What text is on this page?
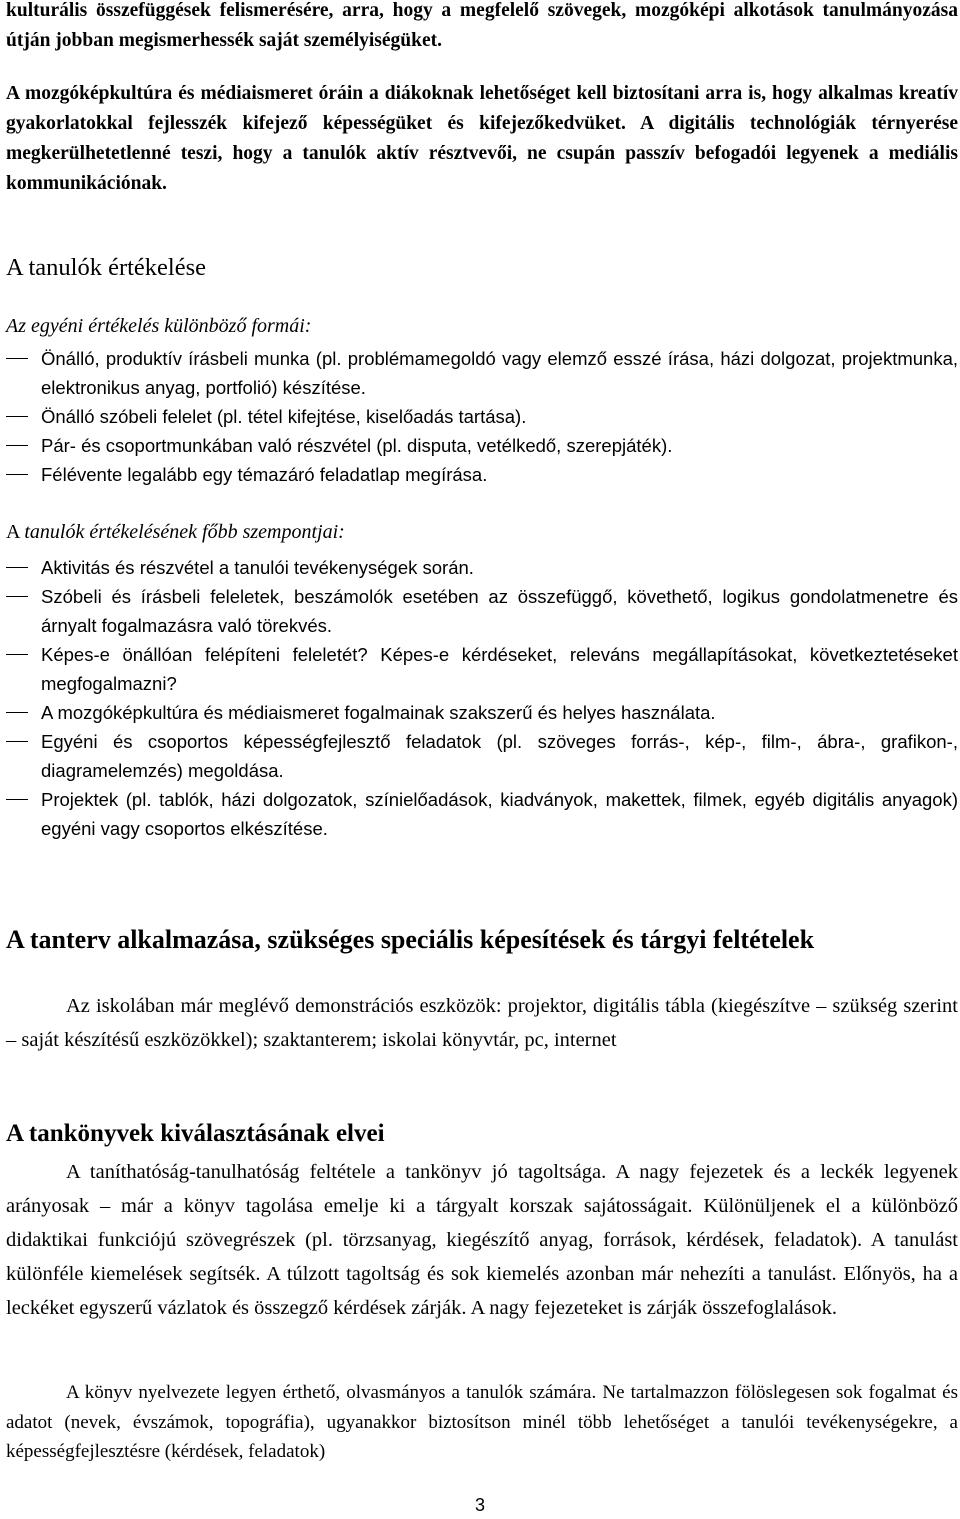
kulturális összefüggések felismerésére, arra, hogy a megfelelő szövegek, mozgóképi alkotások tanulmányozása útján jobban megismerhessék saját személyiségüket.
A mozgóképkultúra és médiaismeret óráin a diákoknak lehetőséget kell biztosítani arra is, hogy alkalmas kreatív gyakorlatokkal fejlesszék kifejező képességüket és kifejezőkedvüket. A digitális technológiák térnyerése megkerülhetetlenné teszi, hogy a tanulók aktív résztvevői, ne csupán passzív befogadói legyenek a mediális kommunikációnak.
A tanulók értékelése
Az egyéni értékelés különböző formái:
Önálló, produktív írásbeli munka (pl. problémamegoldó vagy elemző esszé írása, házi dolgozat, projektmunka, elektronikus anyag, portfolió) készítése.
Önálló szóbeli felelet (pl. tétel kifejtése, kiselőadás tartása).
Pár- és csoportmunkában való részvétel (pl. disputa, vetélkedő, szerepjáték).
Félévente legalább egy témazáró feladatlap megírása.
A tanulók értékelésének főbb szempontjai:
Aktivitás és részvétel a tanulói tevékenységek során.
Szóbeli és írásbeli feleletek, beszámolók esetében az összefüggő, követhető, logikus gondolatmenetre és árnyalt fogalmazásra való törekvés.
Képes-e önállóan felépíteni feleletét? Képes-e kérdéseket, releváns megállapításokat, következtetéseket megfogalmazni?
A mozgóképkultúra és médiaismeret fogalmainak szakszerű és helyes használata.
Egyéni és csoportos képességfejlesztő feladatok (pl. szöveges forrás-, kép-, film-, ábra-, grafikon-, diagramelemzés) megoldása.
Projektek (pl. tablók, házi dolgozatok, színielőadások, kiadványok, makettek, filmek, egyéb digitális anyagok) egyéni vagy csoportos elkészítése.
A tanterv alkalmazása, szükséges speciális képesítések és tárgyi feltételek
Az iskolában már meglévő demonstrációs eszközök: projektor, digitális tábla (kiegészítve – szükség szerint – saját készítésű eszközökkel); szaktanterem; iskolai könyvtár, pc, internet
A tankönyvek kiválasztásának elvei
A taníthatóság-tanulhatóság feltétele a tankönyv jó tagoltsága. A nagy fejezetek és a leckék legyenek arányosak – már a könyv tagolása emelje ki a tárgyalt korszak sajátosságait. Különüljenek el a különböző didaktikai funkciójú szövegrészek (pl. törzsanyag, kiegészítő anyag, források, kérdések, feladatok). A tanulást különféle kiemelések segítsék. A túlzott tagoltság és sok kiemelés azonban már nehezíti a tanulást. Előnyös, ha a leckéket egyszerű vázlatok és összegző kérdések zárják. A nagy fejezeteket is zárják összefoglalások.
A könyv nyelvezete legyen érthető, olvasmányos a tanulók számára. Ne tartalmazzon fölöslegesen sok fogalmat és adatot (nevek, évszámok, topográfia), ugyanakkor biztosítson minél több lehetőséget a tanulói tevékenységekre, a képességfejlesztésre (kérdések, feladatok)
3
